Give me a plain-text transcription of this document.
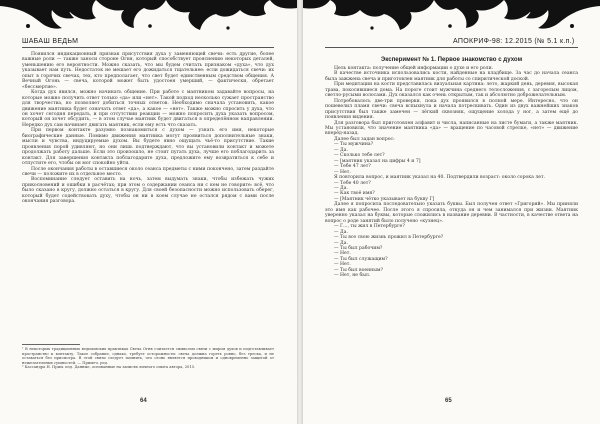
ШАБАШ ВЕДЬМ

Появился индикационный признак присутствия духа у заменяющей свечи: есть другие, более важные роли — также заноси стороне Огня, который способствует прояснению некоторых деталей, уменьшению его вероятности. Можно сказать, что мы будем считать признаком «духа», что дух указывает нам путь. Недостаток не мешает его дожидаться тщательнее: если дожидаться свечи: их опыт в горячих свечах, тех, кто предполагает, что свет будет единственным средством общения. А Вечный Огонь — свеча, которой может быть удостоен умерший, — фактически, обретает «бессмертие».

Когда дух явился, можно начинать общение. При работе с маятником задавайте вопросы, на которые можно получить ответ только «да» или «нет». Такой подход несколько сужает пространство для творчества, но позволяет добиться точных ответов. Необходимо сначала установить, какое движение маятника будет означать ответ «да», а какое — «нет». Также можно спросить у духа, что он хочет сегодня передать, и при отсутствии реакции — можно попросить духа указать вопросом, который он хочет обсудить, — в этом случае маятник будет двигаться в определённом направлении. Нередко дух сам начинает двигать маятник, если ему есть что сказать.

При первом контакте разумно познакомиться с духом — узнать его имя, некоторые биографические данные. Помимо движения маятника могут проявиться дополнительные знаки, мысли и чувства, индуцируемые духом. Вы будете явно ощущать чьё-то присутствие. Такие проявления порой удивляют, но они лишь подтверждают, что вы установили контакт и можете продолжать работу дальше. Если это произошло, не стоит пугать духа, лучше его поблагодарить за контакт. Для завершения контакта поблагодарите духа, предложите ему возвратиться к себе и отпустите его, чтобы он мог спокойно уйти.

После окончания работы в оставшиеся около сеанса предметы с ними покончено, затем раздайте свечи — положите их в отдельное место.

Воспоминание следует оставить на ночь, затем выдумать знаки, чтобы избежать чужих прикосновений и ошибки в расчётах; при этом о содержании сеанса ни с кем не говорите: всё, что было сказано в кругу, должно остаться в кругу. Для своей безопасности можно использовать оберег, который будет содействовать духу, чтобы он ни в коем случае не остался рядом с вами после окончания разговора.

¹ В некоторых традиционных ведьмовских практиках Свеча Огня считается символом связи с миром духов и подготавливает пространство к контакту. Такое собрание, однако, требует осторожности: свеча должна гореть ровно, без треска, и не оставаться без присмотра. В этой связи следует помнить, что огонь является проводником и одновременно защитой от нежелательных сущностей. — Примеч. ред.

² Кассандра Н. Прим. изд. Данные, основанные на записях личного опыта автора, 2015.

64
АПОКРИФ-98: 12.2015 (№ 5.1 к.п.)
Эксперимент № 1. Первое знакомство с духом

Цель контакта: получение общей информации о духе и его роли.

В качестве источника использовались кости, найденные на кладбище. За час до начала сеанса была зажжена свеча и приготовлен маятник для работы со спиритической доской.

При медитации на кости представилась визуальная картина: лето, жаркий день, деревня, высокая трава, покосившиеся дома. На пороге стоит мужчина среднего телосложения, с загорелым лицом, светло-русыми волосами. Дух оказался как очень открытым, так и абсолютно доброжелательным.

Потребовалось две-три проверки, пока дух проявился в полной мере. Интересно, что он пошевелил пламя свечи: свеча вспыхнула и начала потрескивать. Один из двух важнейших знаков присутствия был также замечен — лёгкий сквозняк, ощущение холода у ног, а затем ещё до появления видения.

Для разговора был приготовлен алфавит и числа, написанные на листе бумаги, а также маятник. Мы установили, что значение маятника «да» — вращение по часовой стрелке, «нет» — движение вперёд-назад.

Далее был задан вопрос:

— Ты мужчина?

— Да.

— Сколько тебе лет?

— [маятник указал на цифры 4 и 7]

— Тебе 47 лет?

— Нет.

Я повторила вопрос, и маятник указал на 40. Подтвердили возраст: около сорока лет.

— Тебе 40 лет?

— Да.

— Как твоё имя?

— [Маятник чётко указывает на букву Г]

Далее я попросила последовательно указать буквы. Был получен ответ «Григорий». Мы приняли это имя как рабочее. После этого я спросила, откуда он и чем занимался при жизни. Маятник уверенно указал на буквы, которые сложились в название деревни. В частности, в качестве ответа на вопрос о роде занятий было получено «кузнец».

— Г..., ты жил в Петербурге?

— Да.

— Ты все свою жизнь прожил в Петербурге?

— Да.

— Ты был рабочим?

— Нет.

— Ты был служащим?

— Нет.

— Ты был военным?

— Нет, не был.

65
